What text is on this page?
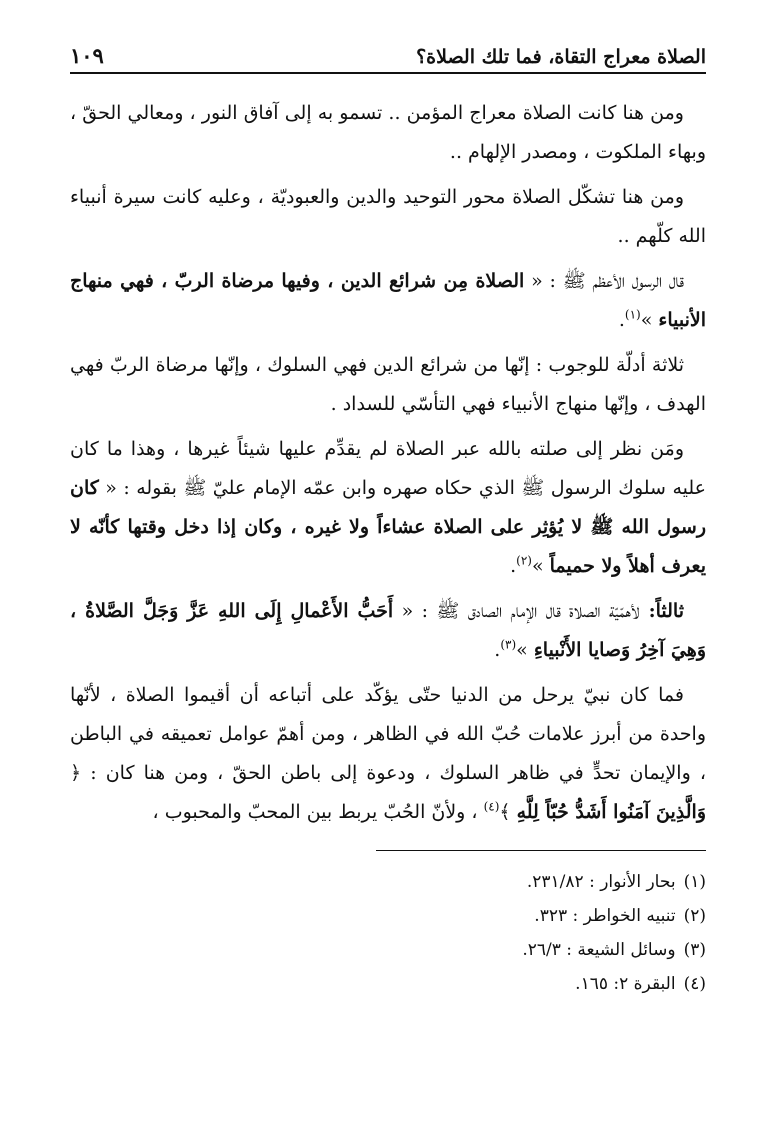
الصلاة معراج التقاة، فما تلك الصلاة؟
١٠٩

ومن هنا كانت الصلاة معراج المؤمن .. تسمو به إلى آفاق النور ، ومعالي الحقّ ، وبهاء الملكوت ، ومصدر الإلهام ..

ومن هنا تشكّل الصلاة محور التوحيد والدين والعبوديّة ، وعليه كانت سيرة أنبياء الله كلّهم ..

قال الرسول الأعظم ﷺ : « الصلاة مِن شرائع الدين ، وفيها مرضاة الربّ ، فهي منهاج الأنبياء »$^{(١)}$.

ثلاثة أدلّة للوجوب : إنّها من شرائع الدين فهي السلوك ، وإنّها مرضاة الربّ فهي الهدف ، وإنّها منهاج الأنبياء فهي التأسّي للسداد .

ومَن نظر إلى صلته بالله عبر الصلاة لم يقدِّم عليها شيئاً غيرها ، وهذا ما كان عليه سلوك الرسول ﷺ الذي حكاه صهره وابن عمّه الإمام عليّ ﷺ بقوله : « كان رسول الله ﷺ لا يُؤثِر على الصلاة عشاءاً ولا غيره ، وكان إذا دخل وقتها كأنّه لا يعرف أهلاً ولا حميماً »$^{(٢)}$.

ثالثاً: لأهمّيّة الصلاة قال الإمام الصادق ﷺ : « أَحَبُّ الأَعْمالِ إِلَى اللهِ عَزَّ وَجَلَّ الصَّلاةُ ، وَهِيَ آخِرُ وَصايا الأَنْبياءِ »$^{(٣)}$.

فما كان نبيّ يرحل من الدنيا حتّى يؤكّد على أتباعه أن أقيموا الصلاة ، لأنّها واحدة من أبرز علامات حُبّ الله في الظاهر ، ومن أهمّ عوامل تعميقه في الباطن ، والإيمان تحدٍّ في ظاهر السلوك ، ودعوة إلى باطن الحقّ ، ومن هنا كان : ﴿ وَالَّذِينَ آمَنُوا أَشَدُّ حُبّاً لِلَّهِ ﴾$^{(٤)}$ ، ولأنّ الحُبّ يربط بين المحبّ والمحبوب ،

(١)بحار الأنوار : ٢٣١/٨٢.
(٢)تنبيه الخواطر : ٣٢٣.
(٣)وسائل الشيعة : ٢٦/٣.
(٤)البقرة ٢: ١٦٥.
